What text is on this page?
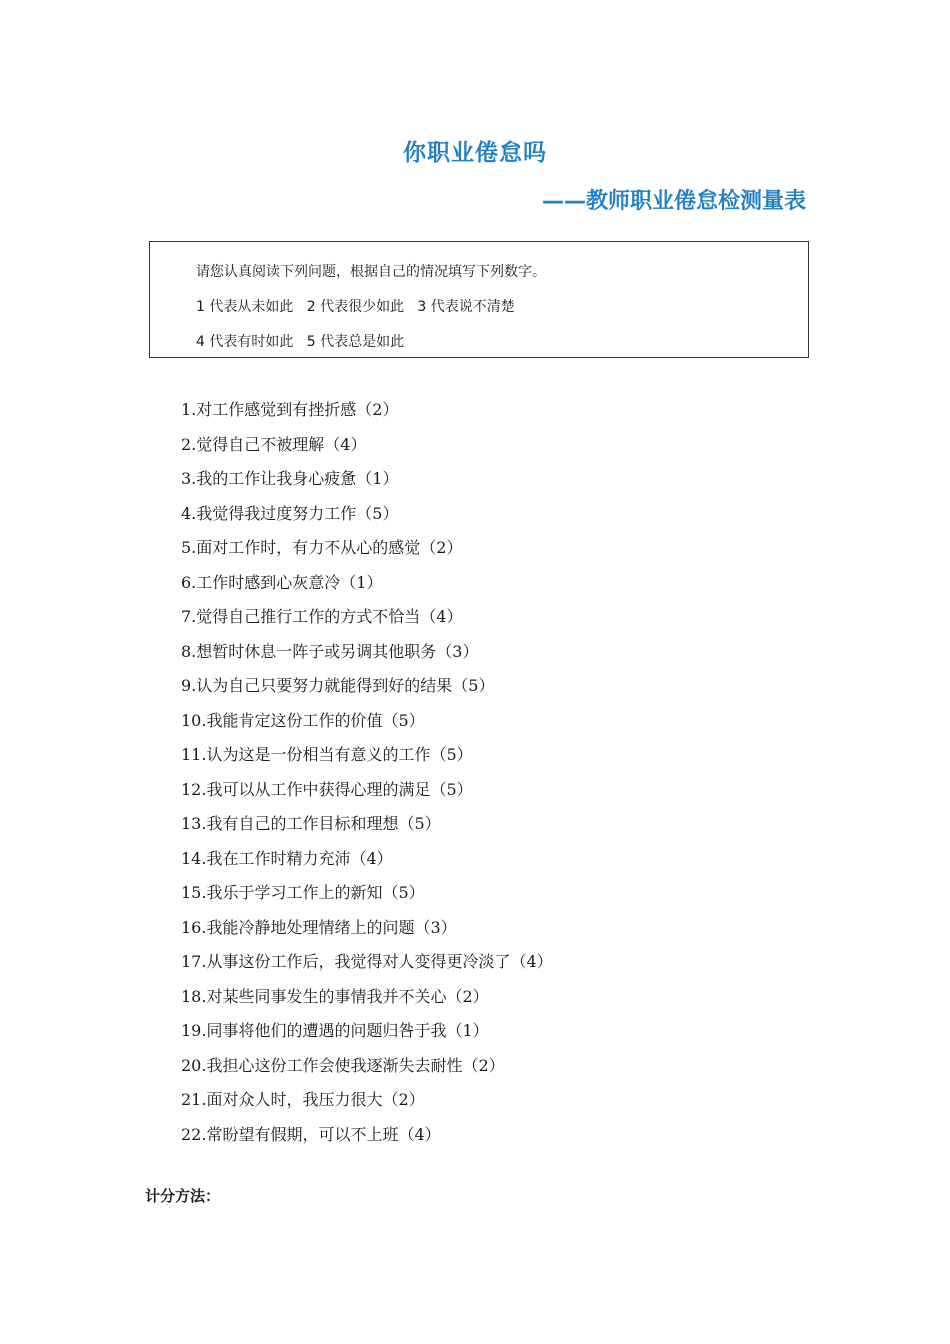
你职业倦怠吗
——教师职业倦怠检测量表
请您认真阅读下列问题，根据自己的情况填写下列数字。
1 代表从未如此   2 代表很少如此   3 代表说不清楚
4 代表有时如此   5 代表总是如此
1.对工作感觉到有挫折感（2）
2.觉得自己不被理解（4）
3.我的工作让我身心疲惫（1）
4.我觉得我过度努力工作（5）
5.面对工作时，有力不从心的感觉（2）
6.工作时感到心灰意冷（1）
7.觉得自己推行工作的方式不恰当（4）
8.想暂时休息一阵子或另调其他职务（3）
9.认为自己只要努力就能得到好的结果（5）
10.我能肯定这份工作的价值（5）
11.认为这是一份相当有意义的工作（5）
12.我可以从工作中获得心理的满足（5）
13.我有自己的工作目标和理想（5）
14.我在工作时精力充沛（4）
15.我乐于学习工作上的新知（5）
16.我能冷静地处理情绪上的问题（3）
17.从事这份工作后，我觉得对人变得更冷淡了（4）
18.对某些同事发生的事情我并不关心（2）
19.同事将他们的遭遇的问题归咎于我（1）
20.我担心这份工作会使我逐渐失去耐性（2）
21.面对众人时，我压力很大（2）
22.常盼望有假期，可以不上班（4）
计分方法：
